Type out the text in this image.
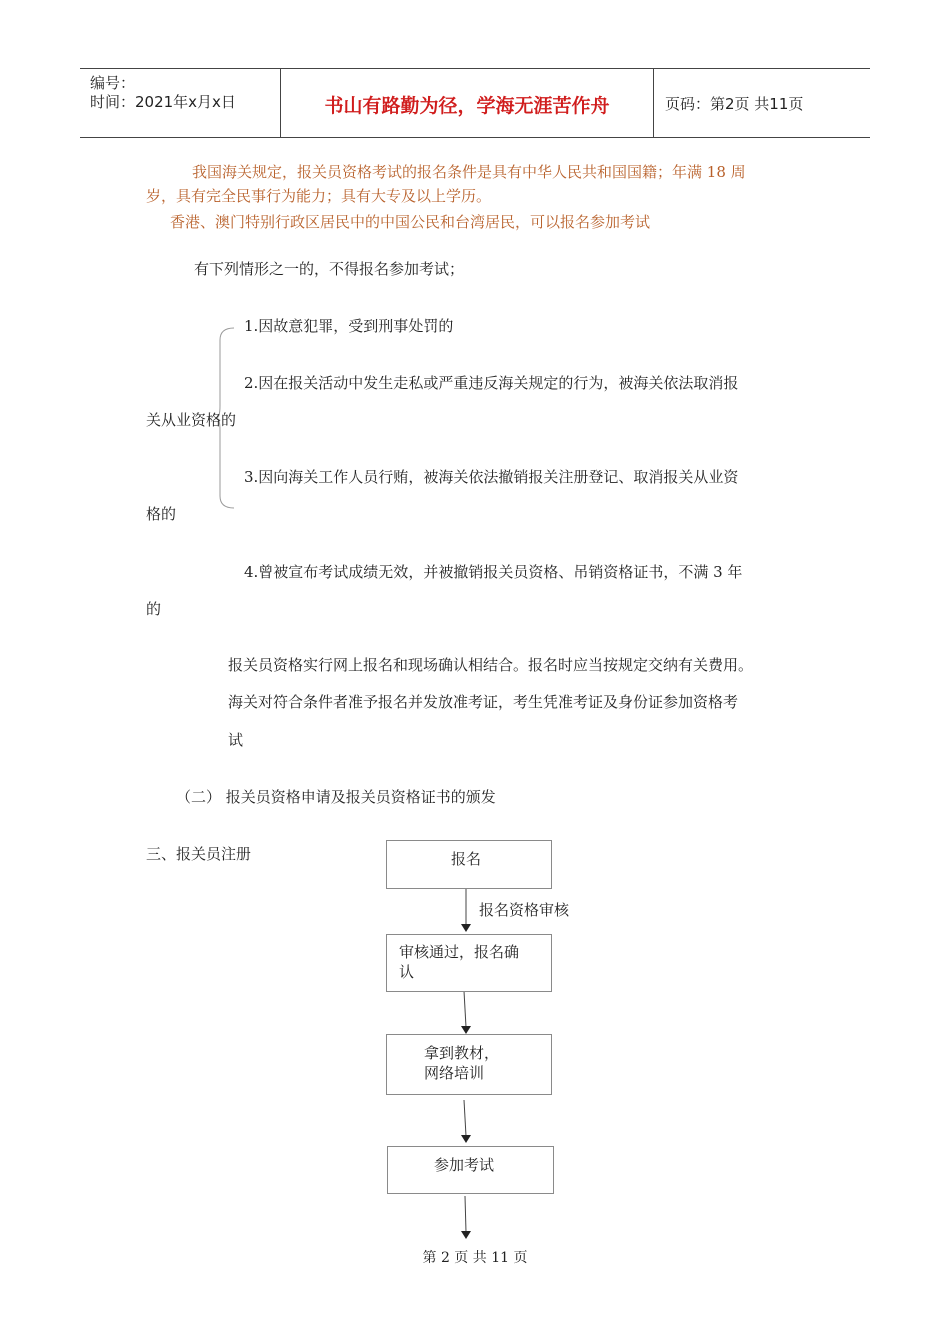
编号：
时间：2021年x月x日	书山有路勤为径，学海无涯苦作舟	页码：第2页 共11页
我国海关规定，报关员资格考试的报名条件是具有中华人民共和国国籍；年满 18 周
岁，具有完全民事行为能力；具有大专及以上学历。
香港、澳门特别行政区居民中的中国公民和台湾居民，可以报名参加考试
有下列情形之一的，不得报名参加考试；
1.因故意犯罪，受到刑事处罚的
2.因在报关活动中发生走私或严重违反海关规定的行为，被海关依法取消报
关从业资格的
3.因向海关工作人员行贿，被海关依法撤销报关注册登记、取消报关从业资
格的
4.曾被宣布考试成绩无效，并被撤销报关员资格、吊销资格证书，不满 3 年
的
报关员资格实行网上报名和现场确认相结合。报名时应当按规定交纳有关费用。
海关对符合条件者准予报名并发放准考证，考生凭准考证及身份证参加资格考
试
（二） 报关员资格申请及报关员资格证书的颁发
三、报关员注册	报名
报名资格审核
审核通过，报名确
认
拿到教材，
网络培训
参加考试
第 2 页 共 11 页
